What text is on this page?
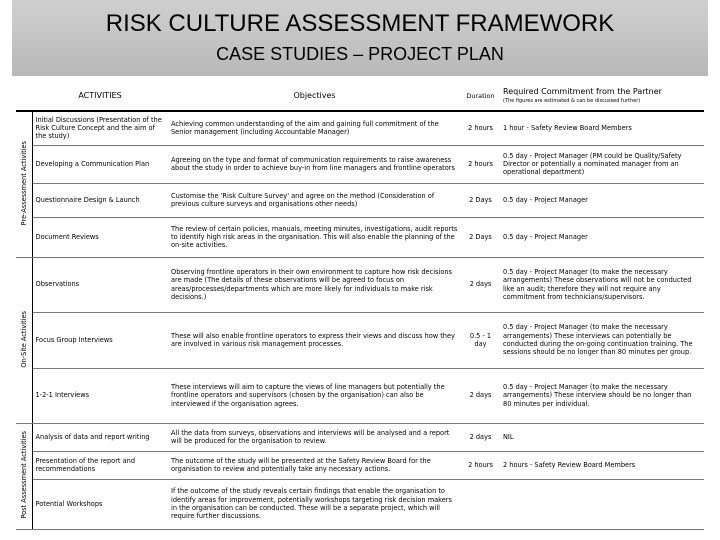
RISK CULTURE ASSESSMENT FRAMEWORK
CASE STUDIES – PROJECT PLAN
	ACTIVITIES	Objectives	Duration	Required Commitment from the Partner
(The figures are estimated & can be discussed further)

Pre-Assessment Activities	Initial Discussions (Presentation of the Risk Culture Concept and the aim of the study)	Achieving common understanding of the aim and gaining full commitment of the Senior management (including Accountable Manager)	2 hours	1 hour - Safety Review Board Members
	Developing a Communication Plan	Agreeing on the type and format of communication requirements to raise awareness about the study in order to achieve buy-in from line managers and frontline operators	2 hours	0.5 day - Project Manager (PM could be Quality/Safety Director or potentially a nominated manager from an operational department)
	Questionnaire Design & Launch	Customise the 'Risk Culture Survey' and agree on the method (Consideration of previous culture surveys and organisations other needs)	2 Days	0.5 day - Project Manager
	Document Reviews	The review of certain policies, manuals, meeting minutes, investigations, audit reports to identify high risk areas in the organisation. This will also enable the planning of the on-site activities.	2 Days	0.5 day - Project Manager
On-Site Activities	Observations	Observing frontline operators in their own environment to capture how risk decisions are made (The details of these observations will be agreed to focus on areas/processes/departments which are more likely for individuals to make risk decisions.)	2 days	0.5 day - Project Manager (to make the necessary arrangements) These observations will not be conducted like an audit; therefore they will not require any commitment from technicians/supervisors.
	Focus Group Interviews	These will also enable frontline operators to express their views and discuss how they are involved in various risk management processes.	0.5 - 1 day	0.5 day - Project Manager (to make the necessary arrangements) These interviews can potentially be conducted during the on-going continuation training. The sessions should be no longer than 80 minutes per group.
	1-2-1 Interviews	These interviews will aim to capture the views of line managers but potentially the frontline operators and supervisors (chosen by the organisation) can also be interviewed if the organisation agrees.	2 days	0.5 day - Project Manager (to make the necessary arrangements) These interview should be no longer than 80 minutes per individual.
Post Assessment Activities	Analysis of data and report writing	All the data from surveys, observations and interviews will be analysed and a report will be produced for the organisation to review.	2 days	NIL
	Presentation of the report and recommendations	The outcome of the study will be presented at the Safety Review Board for the organisation to review and potentially take any necessary actions.	2 hours	2 hours - Safety Review Board Members
	Potential Workshops	If the outcome of the study reveals certain findings that enable the organisation to identify areas for improvement, potentially workshops targeting risk decision makers in the organisation can be conducted. These will be a separate project, which will require further discussions.		
